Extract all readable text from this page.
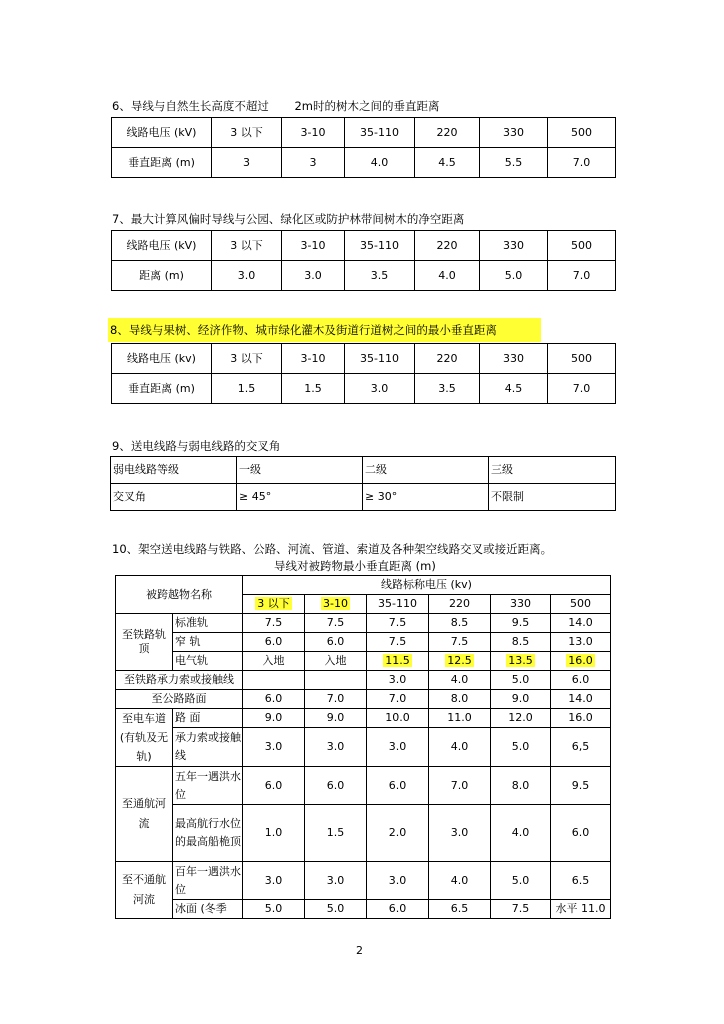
6、导线与自然生长高度不超过 2m时的树木之间的垂直距离
线路电压 (kV)	3 以下	3-10	35-110	220	330	500
垂直距离 (m)	3	3	4.0	4.5	5.5	7.0
7、最大计算风偏时导线与公园、绿化区或防护林带间树木的净空距离
线路电压 (kV)	3 以下	3-10	35-110	220	330	500
距离 (m)	3.0	3.0	3.5	4.0	5.0	7.0
8、导线与果树、经济作物、城市绿化灌木及街道行道树之间的最小垂直距离
线路电压 (kv)	3 以下	3-10	35-110	220	330	500
垂直距离 (m)	1.5	1.5	3.0	3.5	4.5	7.0
9、送电线路与弱电线路的交叉角
弱电线路等级	一级	二级	三级
交叉角	≥ 45°	≥ 30°	不限制
10、架空送电线路与铁路、公路、河流、管道、索道及各种架空线路交叉或接近距离。
导线对被跨物最小垂直距离 (m)
被跨越物名称		线路标称电压 (kv)					
		3 以下	3-10	35-110	220	330	500
至铁路轨顶	标准轨	7.5	7.5	7.5	8.5	9.5	14.0
	窄 轨	6.0	6.0	7.5	7.5	8.5	13.0
	电气轨	入地	入地	11.5	12.5	13.5	16.0
至铁路承力索或接触线				3.0	4.0	5.0	6.0
至公路路面		6.0	7.0	7.0	8.0	9.0	14.0
至电车道(有轨及无轨)	路 面	9.0	9.0	10.0	11.0	12.0	16.0
	承力索或接触线	3.0	3.0	3.0	4.0	5.0	6,5
至通航河流	五年一遇洪水位	6.0	6.0	6.0	7.0	8.0	9.5
	最高航行水位的最高船桅顶	1.0	1.5	2.0	3.0	4.0	6.0
至不通航河流	百年一遇洪水位	3.0	3.0	3.0	4.0	5.0	6.5
	冰面 (冬季	5.0	5.0	6.0	6.5	7.5	水平 11.0
2
